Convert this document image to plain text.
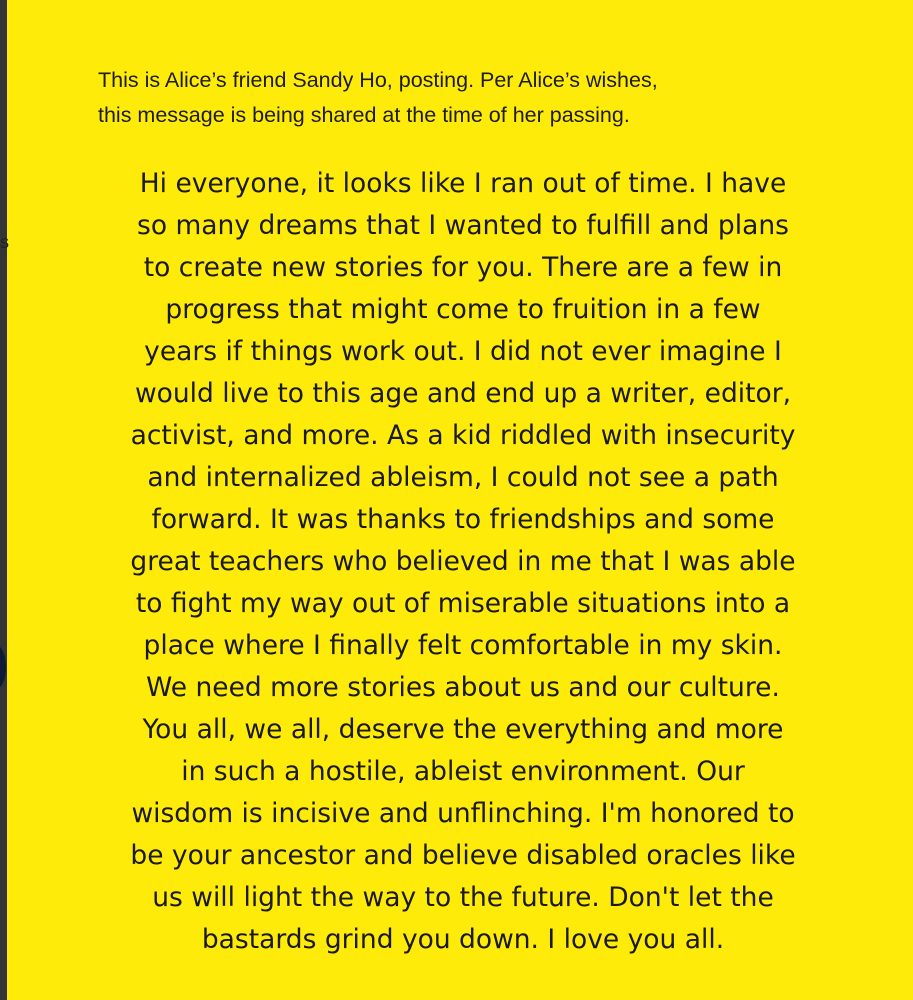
s
This is Alice’s friend Sandy Ho, posting. Per Alice’s wishes,
this message is being shared at the time of her passing.
Hi everyone, it looks like I ran out of time. I have
so many dreams that I wanted to fulfill and plans
to create new stories for you. There are a few in
progress that might come to fruition in a few
years if things work out. I did not ever imagine I
would live to this age and end up a writer, editor,
activist, and more. As a kid riddled with insecurity
and internalized ableism, I could not see a path
forward. It was thanks to friendships and some
great teachers who believed in me that I was able
to fight my way out of miserable situations into a
place where I finally felt comfortable in my skin.
We need more stories about us and our culture.
You all, we all, deserve the everything and more
in such a hostile, ableist environment. Our
wisdom is incisive and unflinching. I'm honored to
be your ancestor and believe disabled oracles like
us will light the way to the future. Don't let the
bastards grind you down. I love you all.
